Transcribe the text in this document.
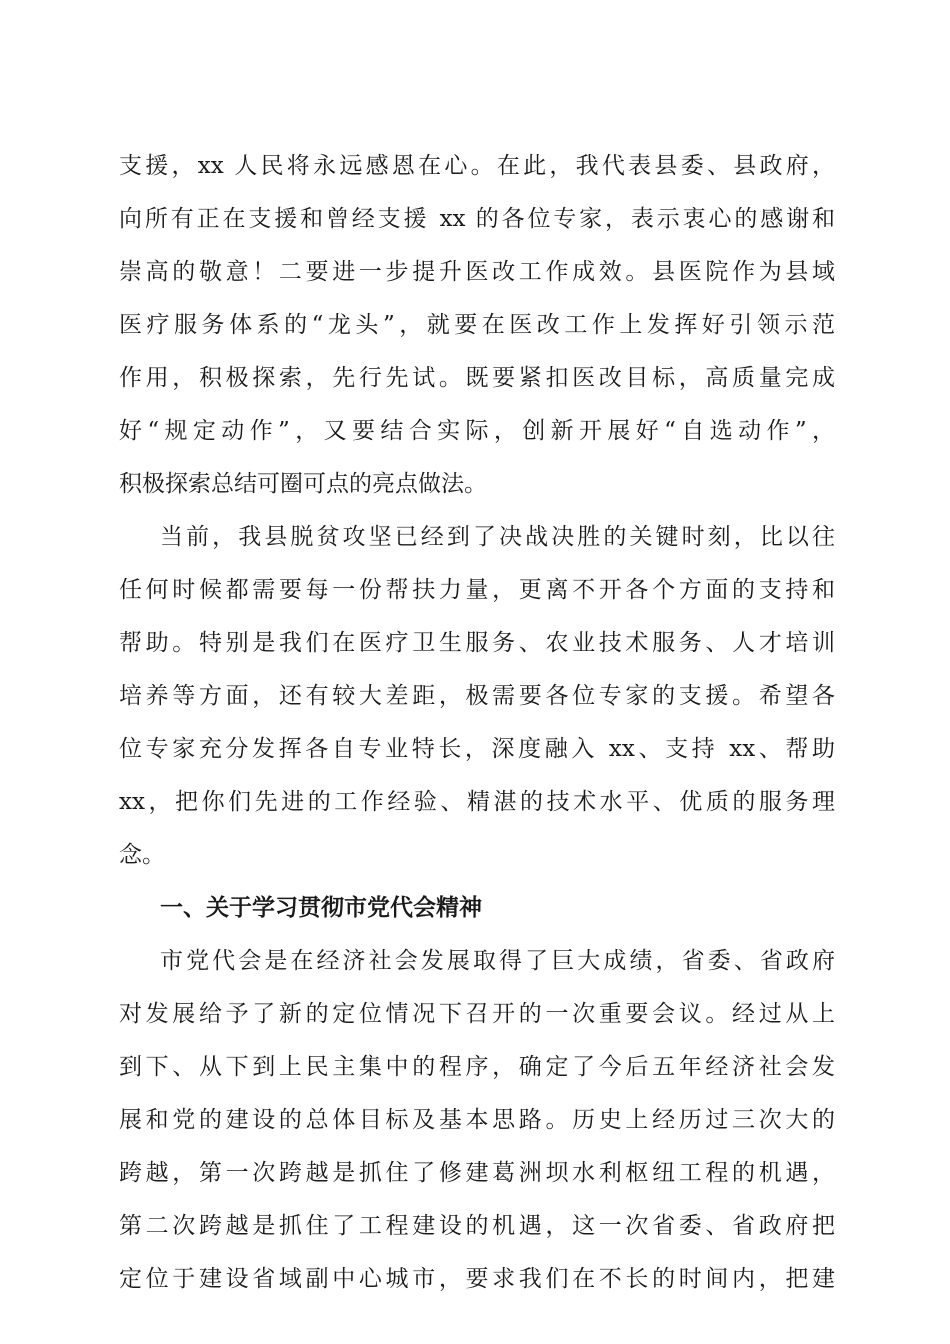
支援，xx 人民将永远感恩在心。在此，我代表县委、县政府，
向所有正在支援和曾经支援 xx 的各位专家，表示衷心的感谢和
崇高的敬意！二要进一步提升医改工作成效。县医院作为县域
医疗服务体系的“龙头”，就要在医改工作上发挥好引领示范
作用，积极探索，先行先试。既要紧扣医改目标，高质量完成
好“规定动作”，又要结合实际，创新开展好“自选动作”，
积极探索总结可圈可点的亮点做法。
当前，我县脱贫攻坚已经到了决战决胜的关键时刻，比以往
任何时候都需要每一份帮扶力量，更离不开各个方面的支持和
帮助。特别是我们在医疗卫生服务、农业技术服务、人才培训
培养等方面，还有较大差距，极需要各位专家的支援。希望各
位专家充分发挥各自专业特长，深度融入 xx、支持 xx、帮助
xx，把你们先进的工作经验、精湛的技术水平、优质的服务理
念。
一、关于学习贯彻市党代会精神
市党代会是在经济社会发展取得了巨大成绩，省委、省政府
对发展给予了新的定位情况下召开的一次重要会议。经过从上
到下、从下到上民主集中的程序，确定了今后五年经济社会发
展和党的建设的总体目标及基本思路。历史上经历过三次大的
跨越，第一次跨越是抓住了修建葛洲坝水利枢纽工程的机遇，
第二次跨越是抓住了工程建设的机遇，这一次省委、省政府把
定位于建设省域副中心城市，要求我们在不长的时间内，把建
